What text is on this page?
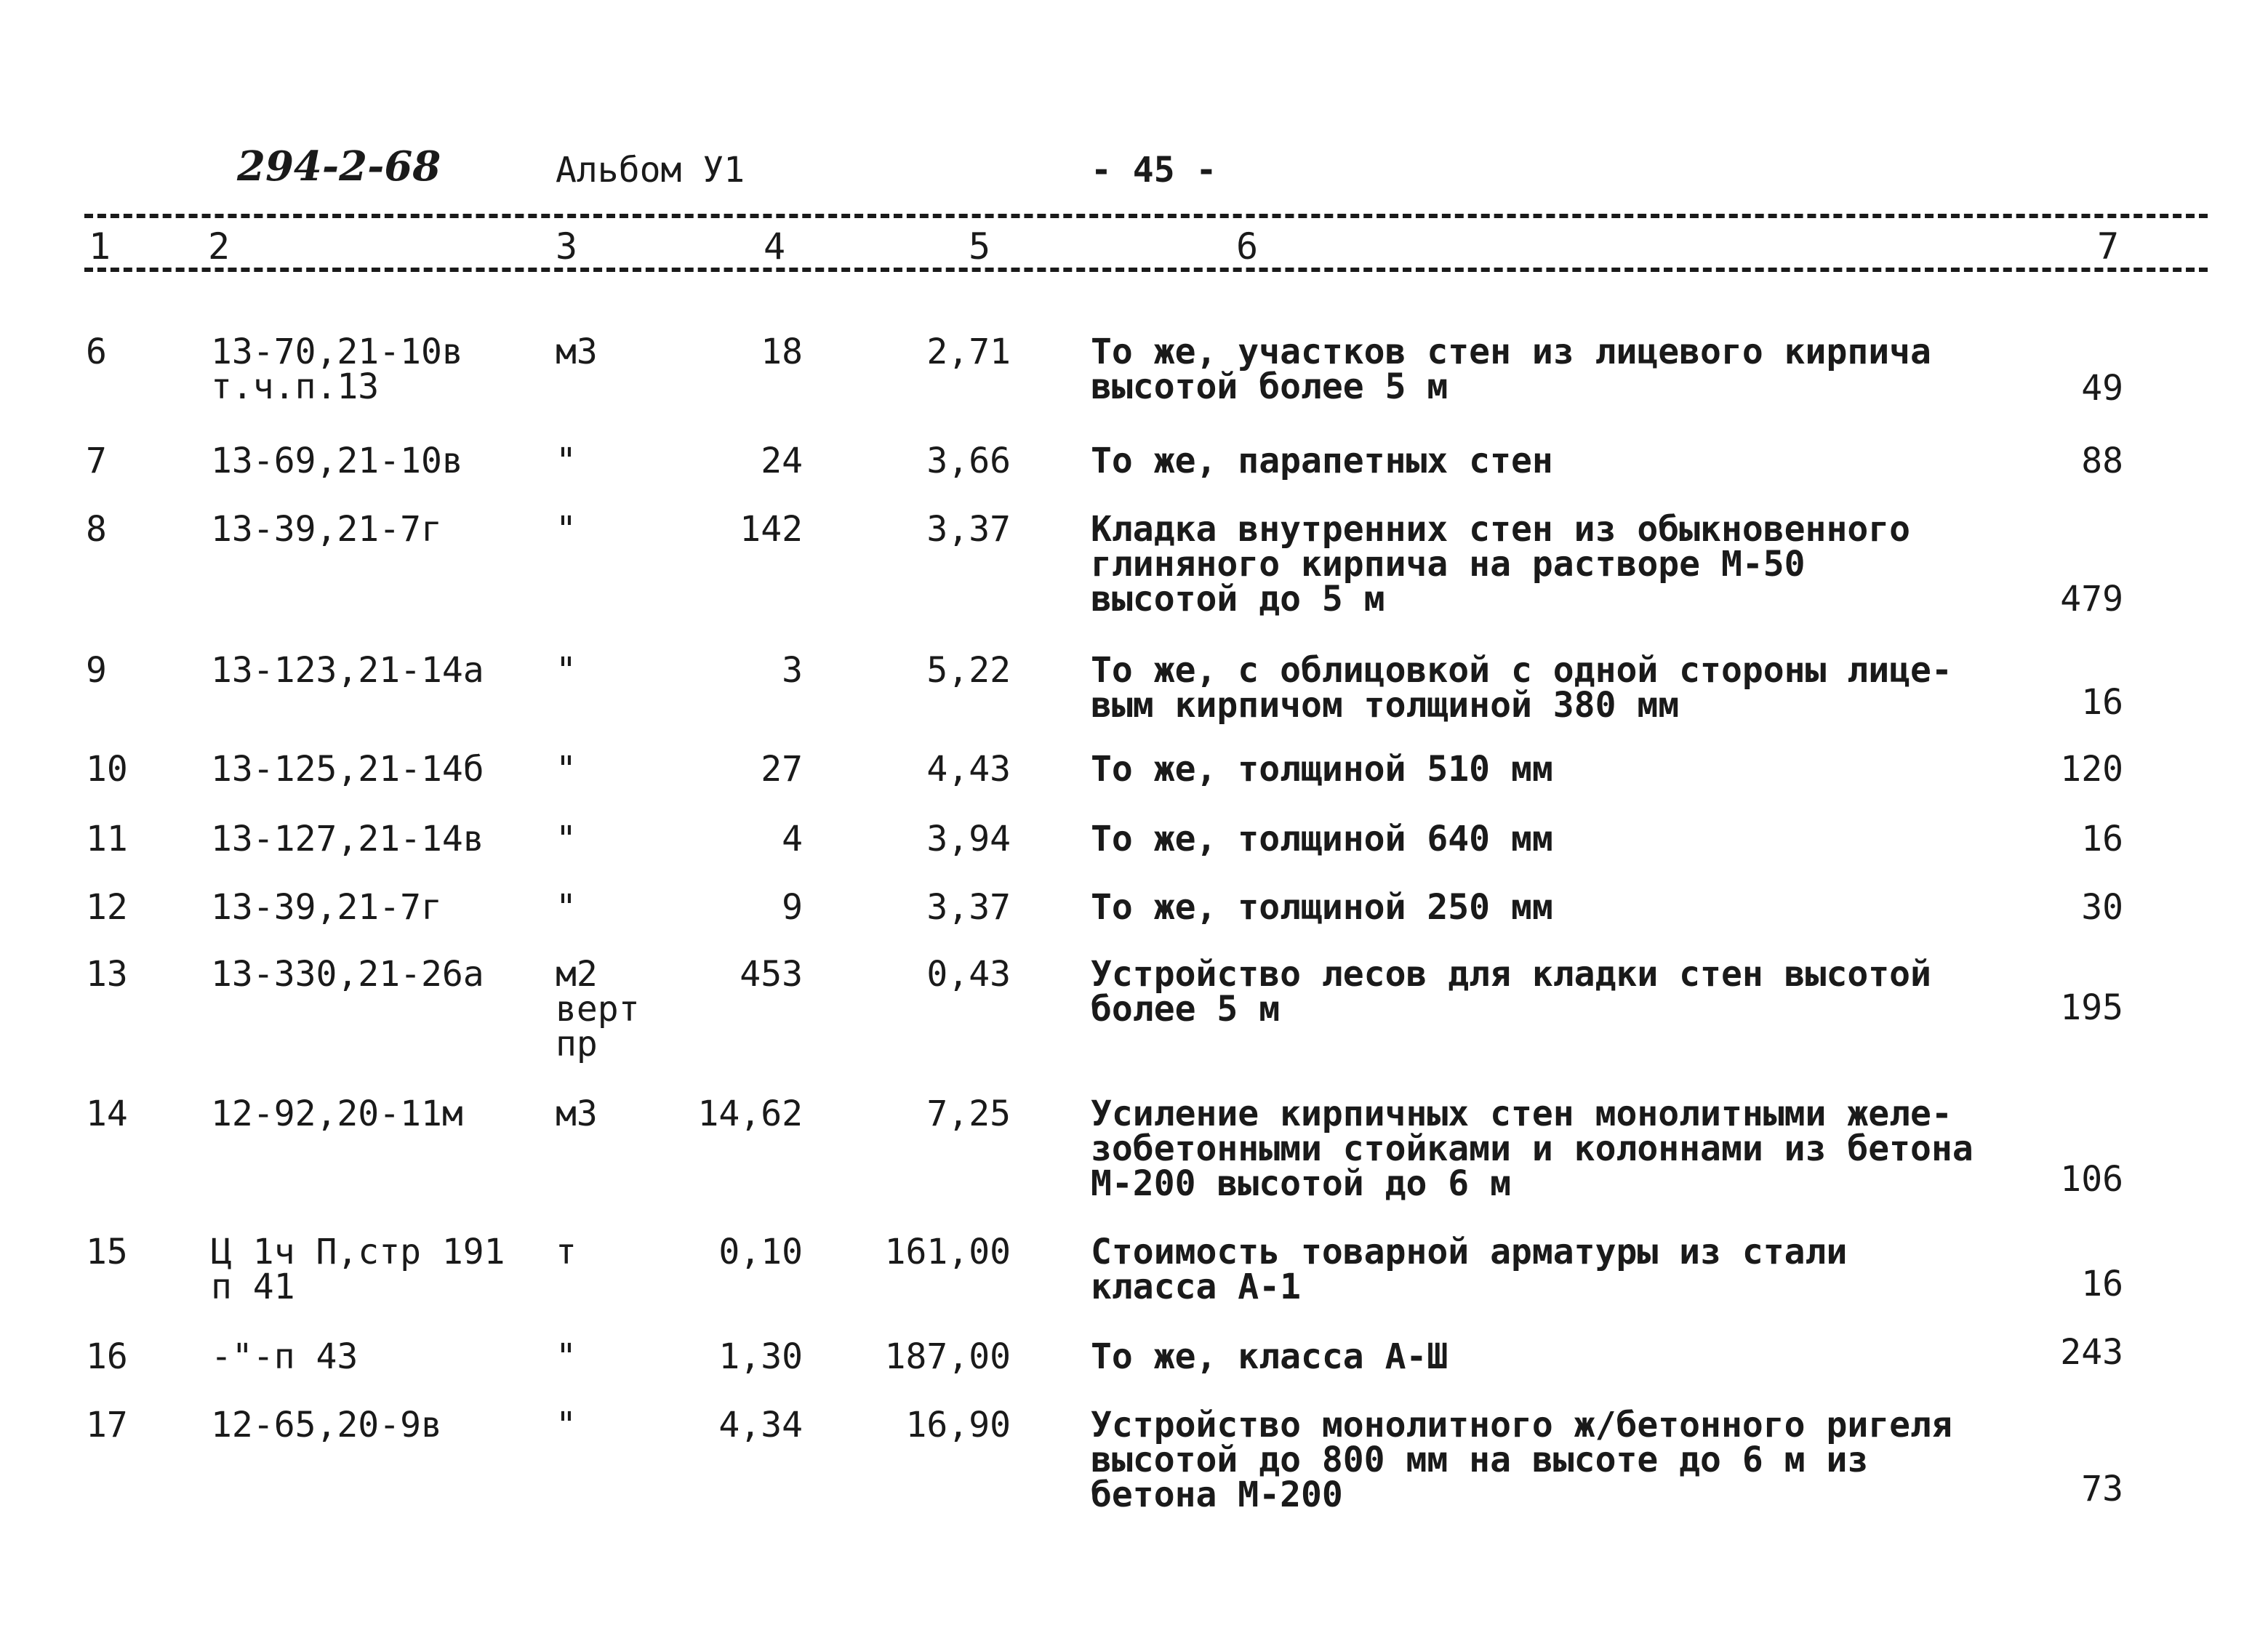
294-2-68	Альбом У1	- 45 -
1	2	3	4	5	6	7
6	13-70,21-10в
т.ч.п.13
м3	18	2,71 То же, участков стен из лицевого кирпича
высотой более 5 м	49
7	13-69,21-10в	"	24	3,66 То же, парапетных стен	88
8	13-39,21-7г	"	142	3,37 Кладка внутренних стен из обыкновенного
глиняного кирпича на растворе М-50
высотой до 5 м	479
9	13-123,21-14а	"	3	5,22 То же, с облицовкой с одной стороны лице-
вым кирпичом толщиной 380 мм	16
10	13-125,21-14б	"	27	4,43 То же, толщиной 510 мм	120
11	13-127,21-14в	"	4	3,94 То же, толщиной 640 мм	16
12	13-39,21-7г	"	9	3,37 То же, толщиной 250 мм	30
13	13-330,21-26а	м2
верт
пр
453	0,43 Устройство лесов для кладки стен высотой
более 5 м	195
14	12-92,20-11м	м3	14,62	7,25 Усиление кирпичных стен монолитными желе-
зобетонными стойками и колоннами из бетона
М-200 высотой до 6 м	106
15	Ц 1ч П,стр 191
п 41
т	0,10	161,00 Стоимость товарной арматуры из стали
класса А-1	16
16	-"-п 43	"	1,30	187,00 То же, класса А-Ш	243
17	12-65,20-9в	"	4,34	16,90 Устройство монолитного ж/бетонного ригеля
высотой до 800 мм на высоте до 6 м из
бетона М-200	73
